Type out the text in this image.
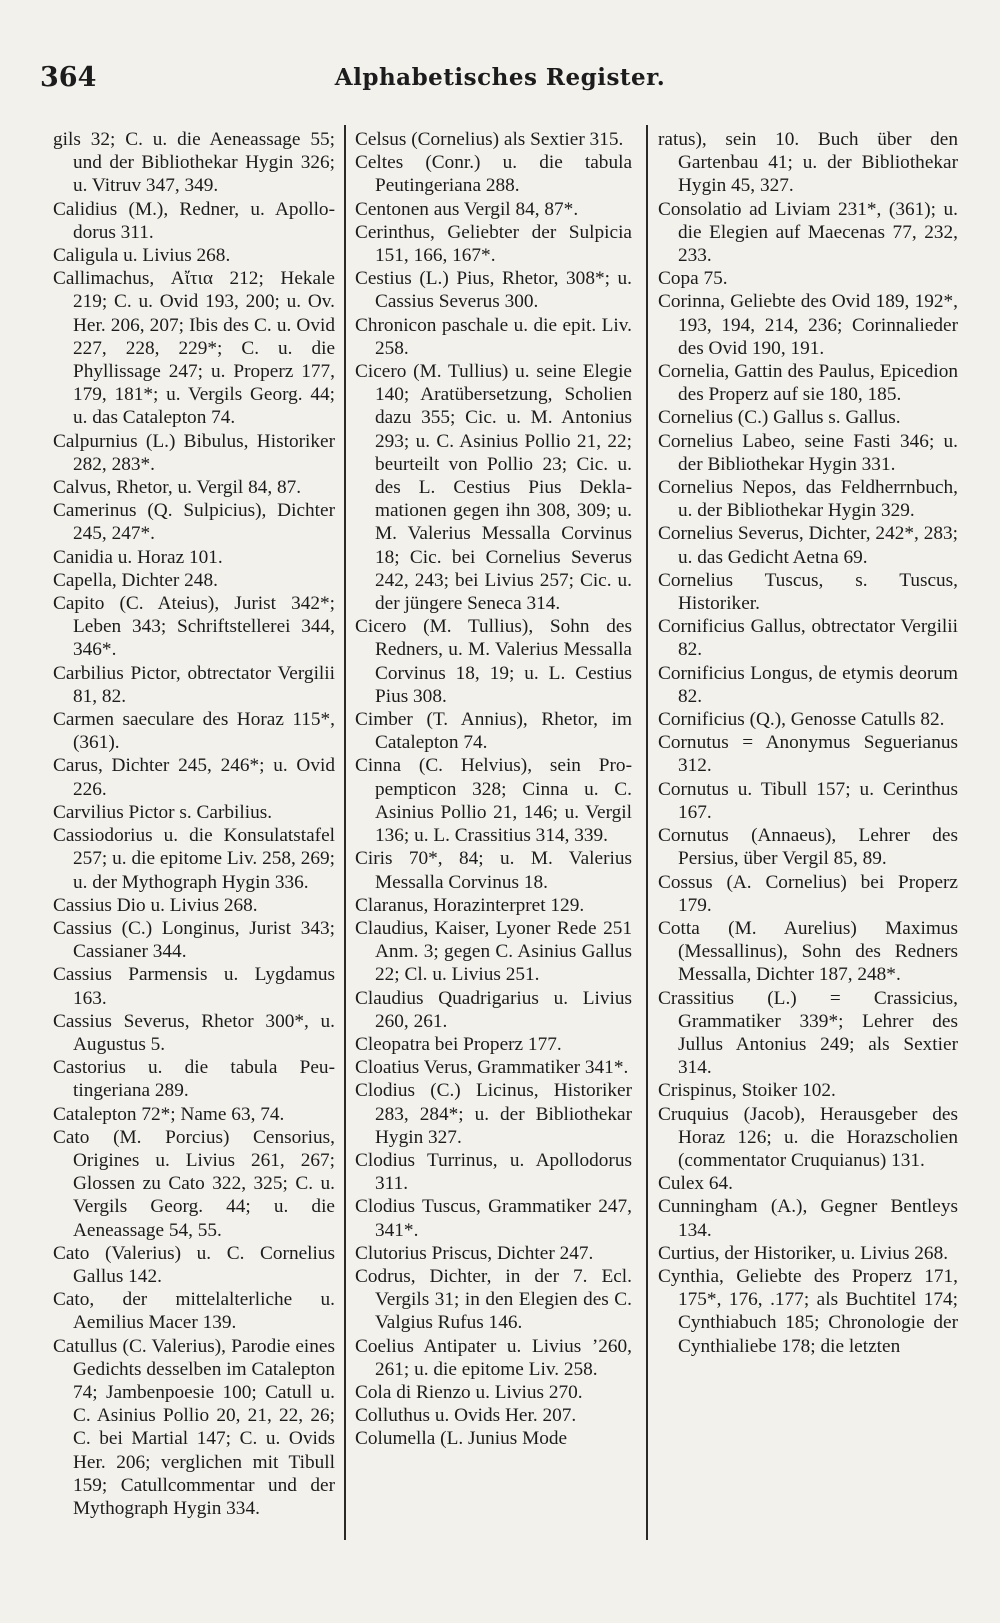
364	Alphabetisches Register.
gils 32; C. u. die Aeneassage 55; und der Bibliothekar Hygin 326; u. Vitruv 347, 349.
Calidius (M.), Redner, u. Apollodorus 311.
Caligula u. Livius 268.
Callimachus, Αἴτια 212; Hekale 219; C. u. Ovid 193, 200; u. Ov. Her. 206, 207; Ibis des C. u. Ovid 227, 228, 229*; C. u. die Phyllissage 247; u. Properz 177, 179, 181*; u. Vergils Georg. 44; u. das Catalepton 74.
Calpurnius (L.) Bibulus, Historiker 282, 283*.
Calvus, Rhetor, u. Vergil 84, 87.
Camerinus (Q. Sulpicius), Dichter 245, 247*.
Canidia u. Horaz 101.
Capella, Dichter 248.
Capito (C. Ateius), Jurist 342*; Leben 343; Schriftstellerei 344, 346*.
Carbilius Pictor, obtrectator Vergilii 81, 82.
Carmen saeculare des Horaz 115*, (361).
Carus, Dichter 245, 246*; u. Ovid 226.
Carvilius Pictor s. Carbilius.
Cassiodorius u. die Konsulatstafel 257; u. die epitome Liv. 258, 269; u. der Mythograph Hygin 336.
Cassius Dio u. Livius 268.
Cassius (C.) Longinus, Jurist 343; Cassianer 344.
Cassius Parmensis u. Lygdamus 163.
Cassius Severus, Rhetor 300*, u. Augustus 5.
Castorius u. die tabula Peutingeriana 289.
Catalepton 72*; Name 63, 74.
Cato (M. Porcius) Censorius, Origines u. Livius 261, 267; Glossen zu Cato 322, 325; C. u. Vergils Georg. 44; u. die Aeneassage 54, 55.
Cato (Valerius) u. C. Cornelius Gallus 142.
Cato, der mittelalterliche u. Aemilius Macer 139.
Catullus (C. Valerius), Parodie eines Gedichts desselben im Catalepton 74; Jambenpoesie 100; Catull u. C. Asinius Pollio 20, 21, 22, 26; C. bei Martial 147; C. u. Ovids Her. 206; verglichen mit Tibull 159; Catullcommentar und der Mythograph Hygin 334.
Celsus (Cornelius) als Sextier 315.
Celtes (Conr.) u. die tabula Peutingeriana 288.
Centonen aus Vergil 84, 87*.
Cerinthus, Geliebter der Sulpicia 151, 166, 167*.
Cestius (L.) Pius, Rhetor, 308*; u. Cassius Severus 300.
Chronicon paschale u. die epit. Liv. 258.
Cicero (M. Tullius) u. seine Elegie 140; Aratübersetzung, Scholien dazu 355; Cic. u. M. Antonius 293; u. C. Asinius Pollio 21, 22; beurteilt von Pollio 23; Cic. u. des L. Cestius Pius Deklamationen gegen ihn 308, 309; u. M. Valerius Messalla Corvinus 18; Cic. bei Cornelius Severus 242, 243; bei Livius 257; Cic. u. der jüngere Seneca 314.
Cicero (M. Tullius), Sohn des Redners, u. M. Valerius Messalla Corvinus 18, 19; u. L. Cestius Pius 308.
Cimber (T. Annius), Rhetor, im Catalepton 74.
Cinna (C. Helvius), sein Propempticon 328; Cinna u. C. Asinius Pollio 21, 146; u. Vergil 136; u. L. Crassitius 314, 339.
Ciris 70*, 84; u. M. Valerius Messalla Corvinus 18.
Claranus, Horazinterpret 129.
Claudius, Kaiser, Lyoner Rede 251 Anm. 3; gegen C. Asinius Gallus 22; Cl. u. Livius 251.
Claudius Quadrigarius u. Livius 260, 261.
Cleopatra bei Properz 177.
Cloatius Verus, Grammatiker 341*.
Clodius (C.) Licinus, Historiker 283, 284*; u. der Bibliothekar Hygin 327.
Clodius Turrinus, u. Apollodorus 311.
Clodius Tuscus, Grammatiker 247, 341*.
Clutorius Priscus, Dichter 247.
Codrus, Dichter, in der 7. Ecl. Vergils 31; in den Elegien des C. Valgius Rufus 146.
Coelius Antipater u. Livius ’260, 261; u. die epitome Liv. 258.
Cola di Rienzo u. Livius 270.
Colluthus u. Ovids Her. 207.
Columella (L. Junius Mode
ratus), sein 10. Buch über den Gartenbau 41; u. der Bibliothekar Hygin 45, 327.
Consolatio ad Liviam 231*, (361); u. die Elegien auf Maecenas 77, 232, 233.
Copa 75.
Corinna, Geliebte des Ovid 189, 192*, 193, 194, 214, 236; Corinnalieder des Ovid 190, 191.
Cornelia, Gattin des Paulus, Epicedion des Properz auf sie 180, 185.
Cornelius (C.) Gallus s. Gallus.
Cornelius Labeo, seine Fasti 346; u. der Bibliothekar Hygin 331.
Cornelius Nepos, das Feldherrnbuch, u. der Bibliothekar Hygin 329.
Cornelius Severus, Dichter, 242*, 283; u. das Gedicht Aetna 69.
Cornelius Tuscus, s. Tuscus, Historiker.
Cornificius Gallus, obtrectator Vergilii 82.
Cornificius Longus, de etymis deorum 82.
Cornificius (Q.), Genosse Catulls 82.
Cornutus = Anonymus Seguerianus 312.
Cornutus u. Tibull 157; u. Cerinthus 167.
Cornutus (Annaeus), Lehrer des Persius, über Vergil 85, 89.
Cossus (A. Cornelius) bei Properz 179.
Cotta (M. Aurelius) Maximus (Messallinus), Sohn des Redners Messalla, Dichter 187, 248*.
Crassitius (L.) = Crassicius, Grammatiker 339*; Lehrer des Jullus Antonius 249; als Sextier 314.
Crispinus, Stoiker 102.
Cruquius (Jacob), Herausgeber des Horaz 126; u. die Horazscholien (commentator Cruquianus) 131.
Culex 64.
Cunningham (A.), Gegner Bentleys 134.
Curtius, der Historiker, u. Livius 268.
Cynthia, Geliebte des Properz 171, 175*, 176, .177; als Buchtitel 174; Cynthiabuch 185; Chronologie der Cynthialiebe 178; die letzten
